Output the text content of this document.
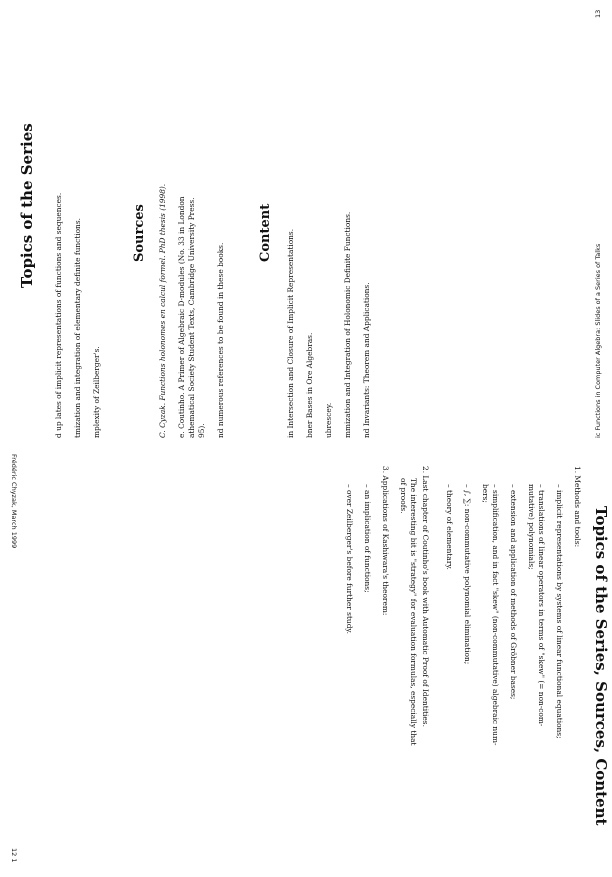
Topics of the Series d up lates of implicit representations of functions and sequences. tmization and integration of elementary definite functions. mplexity of Zeilberger's.
Sources C. Cyzak. Functions holonomes en calcul formel. PhD thesis (1998). e. Coutinho. A Primer of Algebraic D-modules (No. 33 in London athematical Society Student Texts, Cambridge University Press. 95). nd numerous references to be found in these books.
Content in Intersection and Closure of Implicit Representations. bner Bases in Ore Algebras. ubrescey. mmization and Integration of Holonomic Definite Functions. nd Invariants: Theorem and Applications.	ic Functions in Computer Algebra: Slides of a Series of Talks
13
Topics of the Series, Sources, Content
1. Methods and tools:
– implicit representations by systems of linear functional equations;
– translations of linear operators in terms of "skew" (= non-com-
mutative) polynomials;
– extension and application of methods of Gröbner bases;
– simplification, and in fact "skew" (non-commutative) algebraic num-
bers;
– ∫, ∑: non-commutative polynomial elimination;
– theory of elementary.
2. Last chapter of Coutinho's book with Automatic Proof of Identities.
The interesting bit is "strategy" for evaluation formulas, especially that
of proofs.
3. Applications of Kashiwara's theorem:
– an implication of functions;
– over Zeilberger's before further study.
Frédéric Chyzak, March 1999
12 1
